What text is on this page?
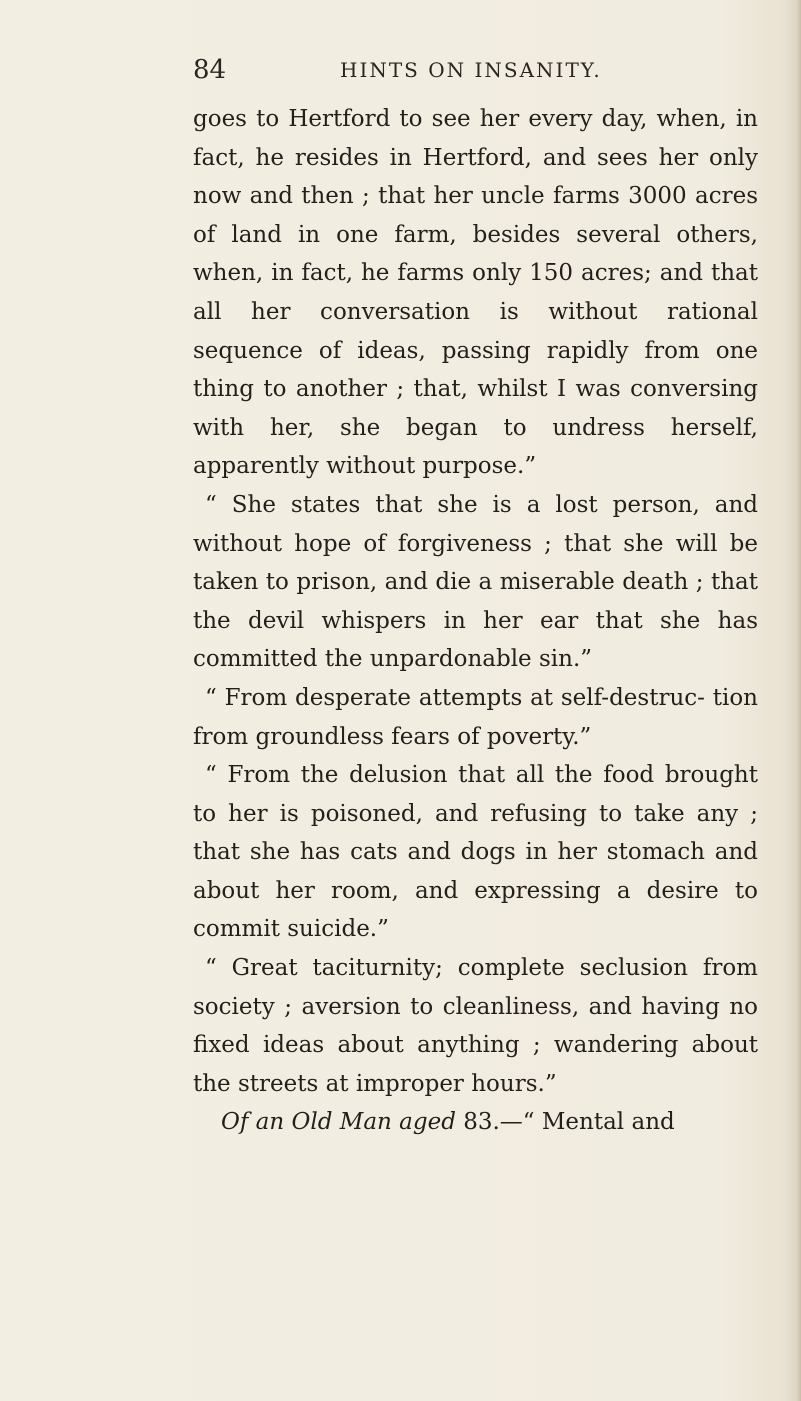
84	HINTS ON INSANITY.

goes to Hertford to see her every day, when, in fact, he resides in Hertford, and sees her only now and then ; that her uncle farms 3000 acres of land in one farm, besides several others, when, in fact, he farms only 150 acres; and that all her conversation is without rational sequence of ideas, passing rapidly from one thing to another ; that, whilst I was conversing with her, she began to undress herself, apparently without purpose.”

“ She states that she is a lost person, and without hope of forgiveness ; that she will be taken to prison, and die a miserable death ; that the devil whispers in her ear that she has committed the unpardonable sin.”

“ From desperate attempts at self-destruc- tion from groundless fears of poverty.”

“ From the delusion that all the food brought to her is poisoned, and refusing to take any ; that she has cats and dogs in her stomach and about her room, and expressing a desire to commit suicide.”

“ Great taciturnity; complete seclusion from society ; aversion to cleanliness, and having no fixed ideas about anything ; wandering about the streets at improper hours.”

Of an Old Man aged 83.—“ Mental and
